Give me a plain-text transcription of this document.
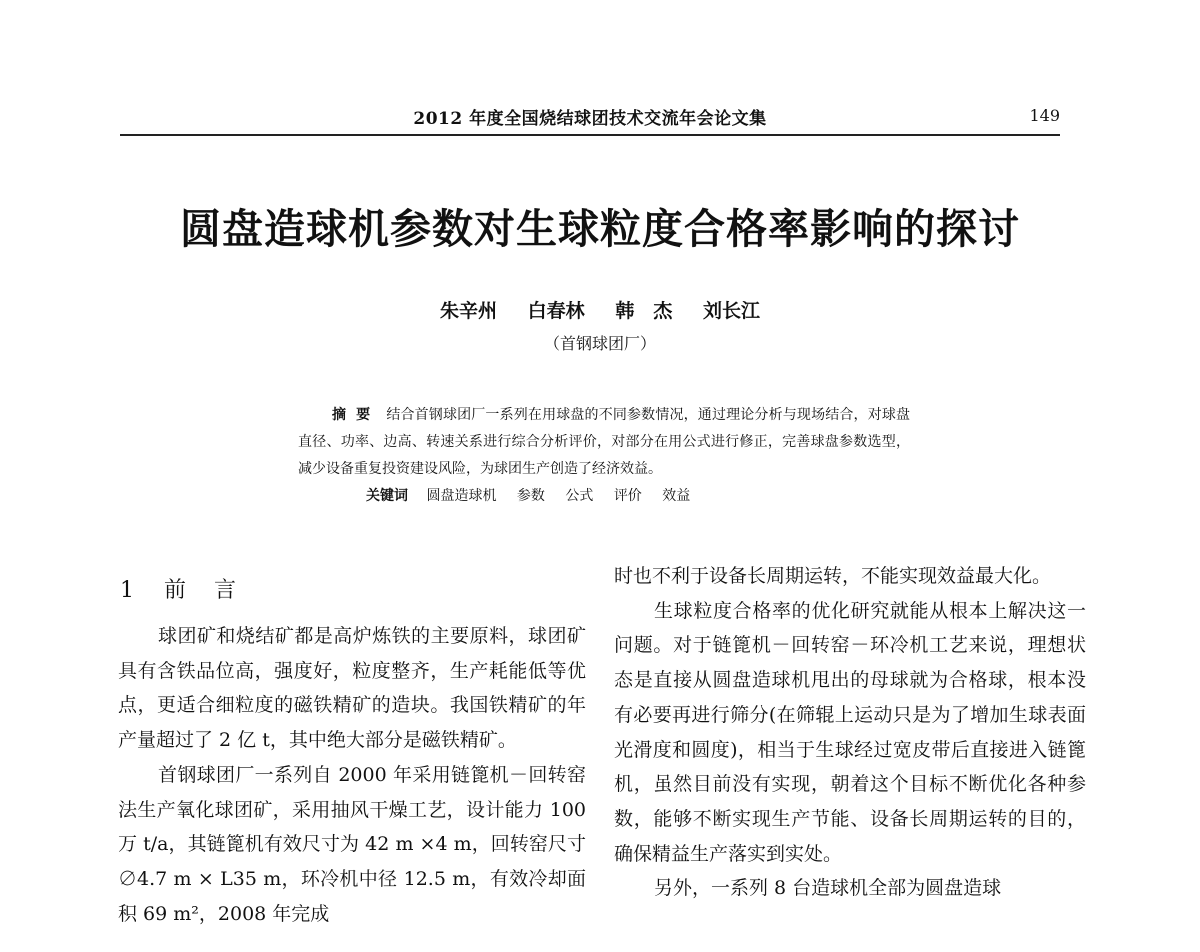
2012 年度全国烧结球团技术交流年会论文集	149
圆盘造球机参数对生球粒度合格率影响的探讨
朱辛州 白春林 韩　杰 刘长江
（首钢球团厂）

摘要 结合首钢球团厂一系列在用球盘的不同参数情况，通过理论分析与现场结合，对球盘直径、功率、边高、转速关系进行综合分析评价，对部分在用公式进行修正，完善球盘参数选型，减少设备重复投资建设风险，为球团生产创造了经济效益。

关键词 圆盘造球机 参数 公式 评价 效益

1 前言

球团矿和烧结矿都是高炉炼铁的主要原料，球团矿具有含铁品位高，强度好，粒度整齐，生产耗能低等优点，更适合细粒度的磁铁精矿的造块。我国铁精矿的年产量超过了 2 亿 t，其中绝大部分是磁铁精矿。

首钢球团厂一系列自 2000 年采用链篦机－回转窑法生产氧化球团矿，采用抽风干燥工艺，设计能力 100 万 t/a，其链篦机有效尺寸为 42 m ×4 m，回转窑尺寸∅4.7 m × L35 m，环冷机中径 12.5 m，有效冷却面积 69 m²，2008 年完成

时也不利于设备长周期运转，不能实现效益最大化。

生球粒度合格率的优化研究就能从根本上解决这一问题。对于链篦机－回转窑－环冷机工艺来说，理想状态是直接从圆盘造球机甩出的母球就为合格球，根本没有必要再进行筛分(在筛辊上运动只是为了增加生球表面光滑度和圆度)，相当于生球经过宽皮带后直接进入链篦机，虽然目前没有实现，朝着这个目标不断优化各种参数，能够不断实现生产节能、设备长周期运转的目的，确保精益生产落实到实处。

另外，一系列 8 台造球机全部为圆盘造球
